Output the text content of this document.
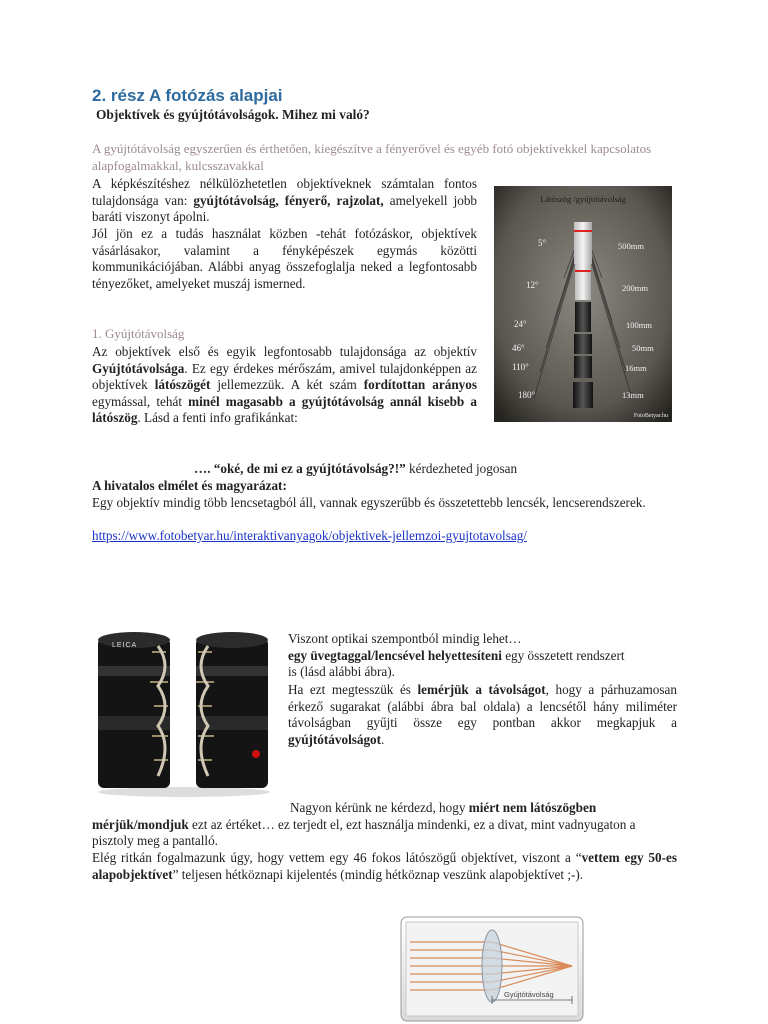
2. rész A fotózás alapjai
Objektívek és gyújtótávolságok. Mihez mi való?

A gyújtótávolság egyszerűen és érthetően, kiegészítve a fényerővel és egyéb fotó objektívekkel kapcsolatos alapfogalmakkal, kulcsszavakkal

A képkészítéshez nélkülözhetetlen objektíveknek számtalan fontos tulajdonsága van: gyújtótávolság, fényerő, rajzolat, amelyekell jobb baráti viszonyt ápolni.

Jól jön ez a tudás használat közben -tehát fotózáskor, objektívek vásárlásakor, valamint a fényképészek egymás közötti kommunikációjában. Alábbi anyag összefoglalja neked a legfontosabb tényezőket, amelyeket muszáj ismerned.

1. Gyújtótávolság

Az objektívek első és egyik legfontosabb tulajdonsága az objektív Gyújtótávolsága. Ez egy érdekes mérőszám, amivel tulajdonképpen az objektívek látószögét jellemezzük. A két szám fordítottan arányos egymással, tehát minél magasabb a gyújtótávolság annál kisebb a látószög. Lásd a fenti info grafikánkat:

Látószög /gyújtótávolság
5°	500mm
12°	200mm
24°	100mm
46°	50mm
110°	16mm
180°	13mm
FotoBetyar.hu
…. “oké, de mi ez a gyújtótávolság?!” kérdezheted jogosan
A hivatalos elmélet és magyarázat:

Egy objektív mindig több lencsetagból áll, vannak egyszerűbb és összetettebb lencsék, lencserendszerek.

https://www.fotobetyar.hu/interaktivanyagok/objektivek-jellemzoi-gyujtotavolsag/
LEICA	Viszont optikai szempontból mindig lehet…
egy üvegtaggal/lencsével helyettesíteni egy összetett rendszert is (lásd alábbi ábra).

Ha ezt megtesszük és lemérjük a távolságot, hogy a párhuzamosan érkező sugarakat (alábbi ábra bal oldala) a lencsétől hány miliméter távolságban gyűjti össze egy pontban akkor megkapjuk a gyújtótávolságot.

Nagyon kérünk ne kérdezd, hogy miért nem látószögben mérjük/mondjuk ezt az értéket… ez terjedt el, ezt használja mindenki, ez a divat, mint vadnyugaton a pisztoly meg a pantalló.

Elég ritkán fogalmazunk úgy, hogy vettem egy 46 fokos látószögű objektívet, viszont a “vettem egy 50-es alapobjektívet” teljesen hétköznapi kijelentés (mindig hétköznap veszünk alapobjektívet ;-).

Gyújtótávolság
